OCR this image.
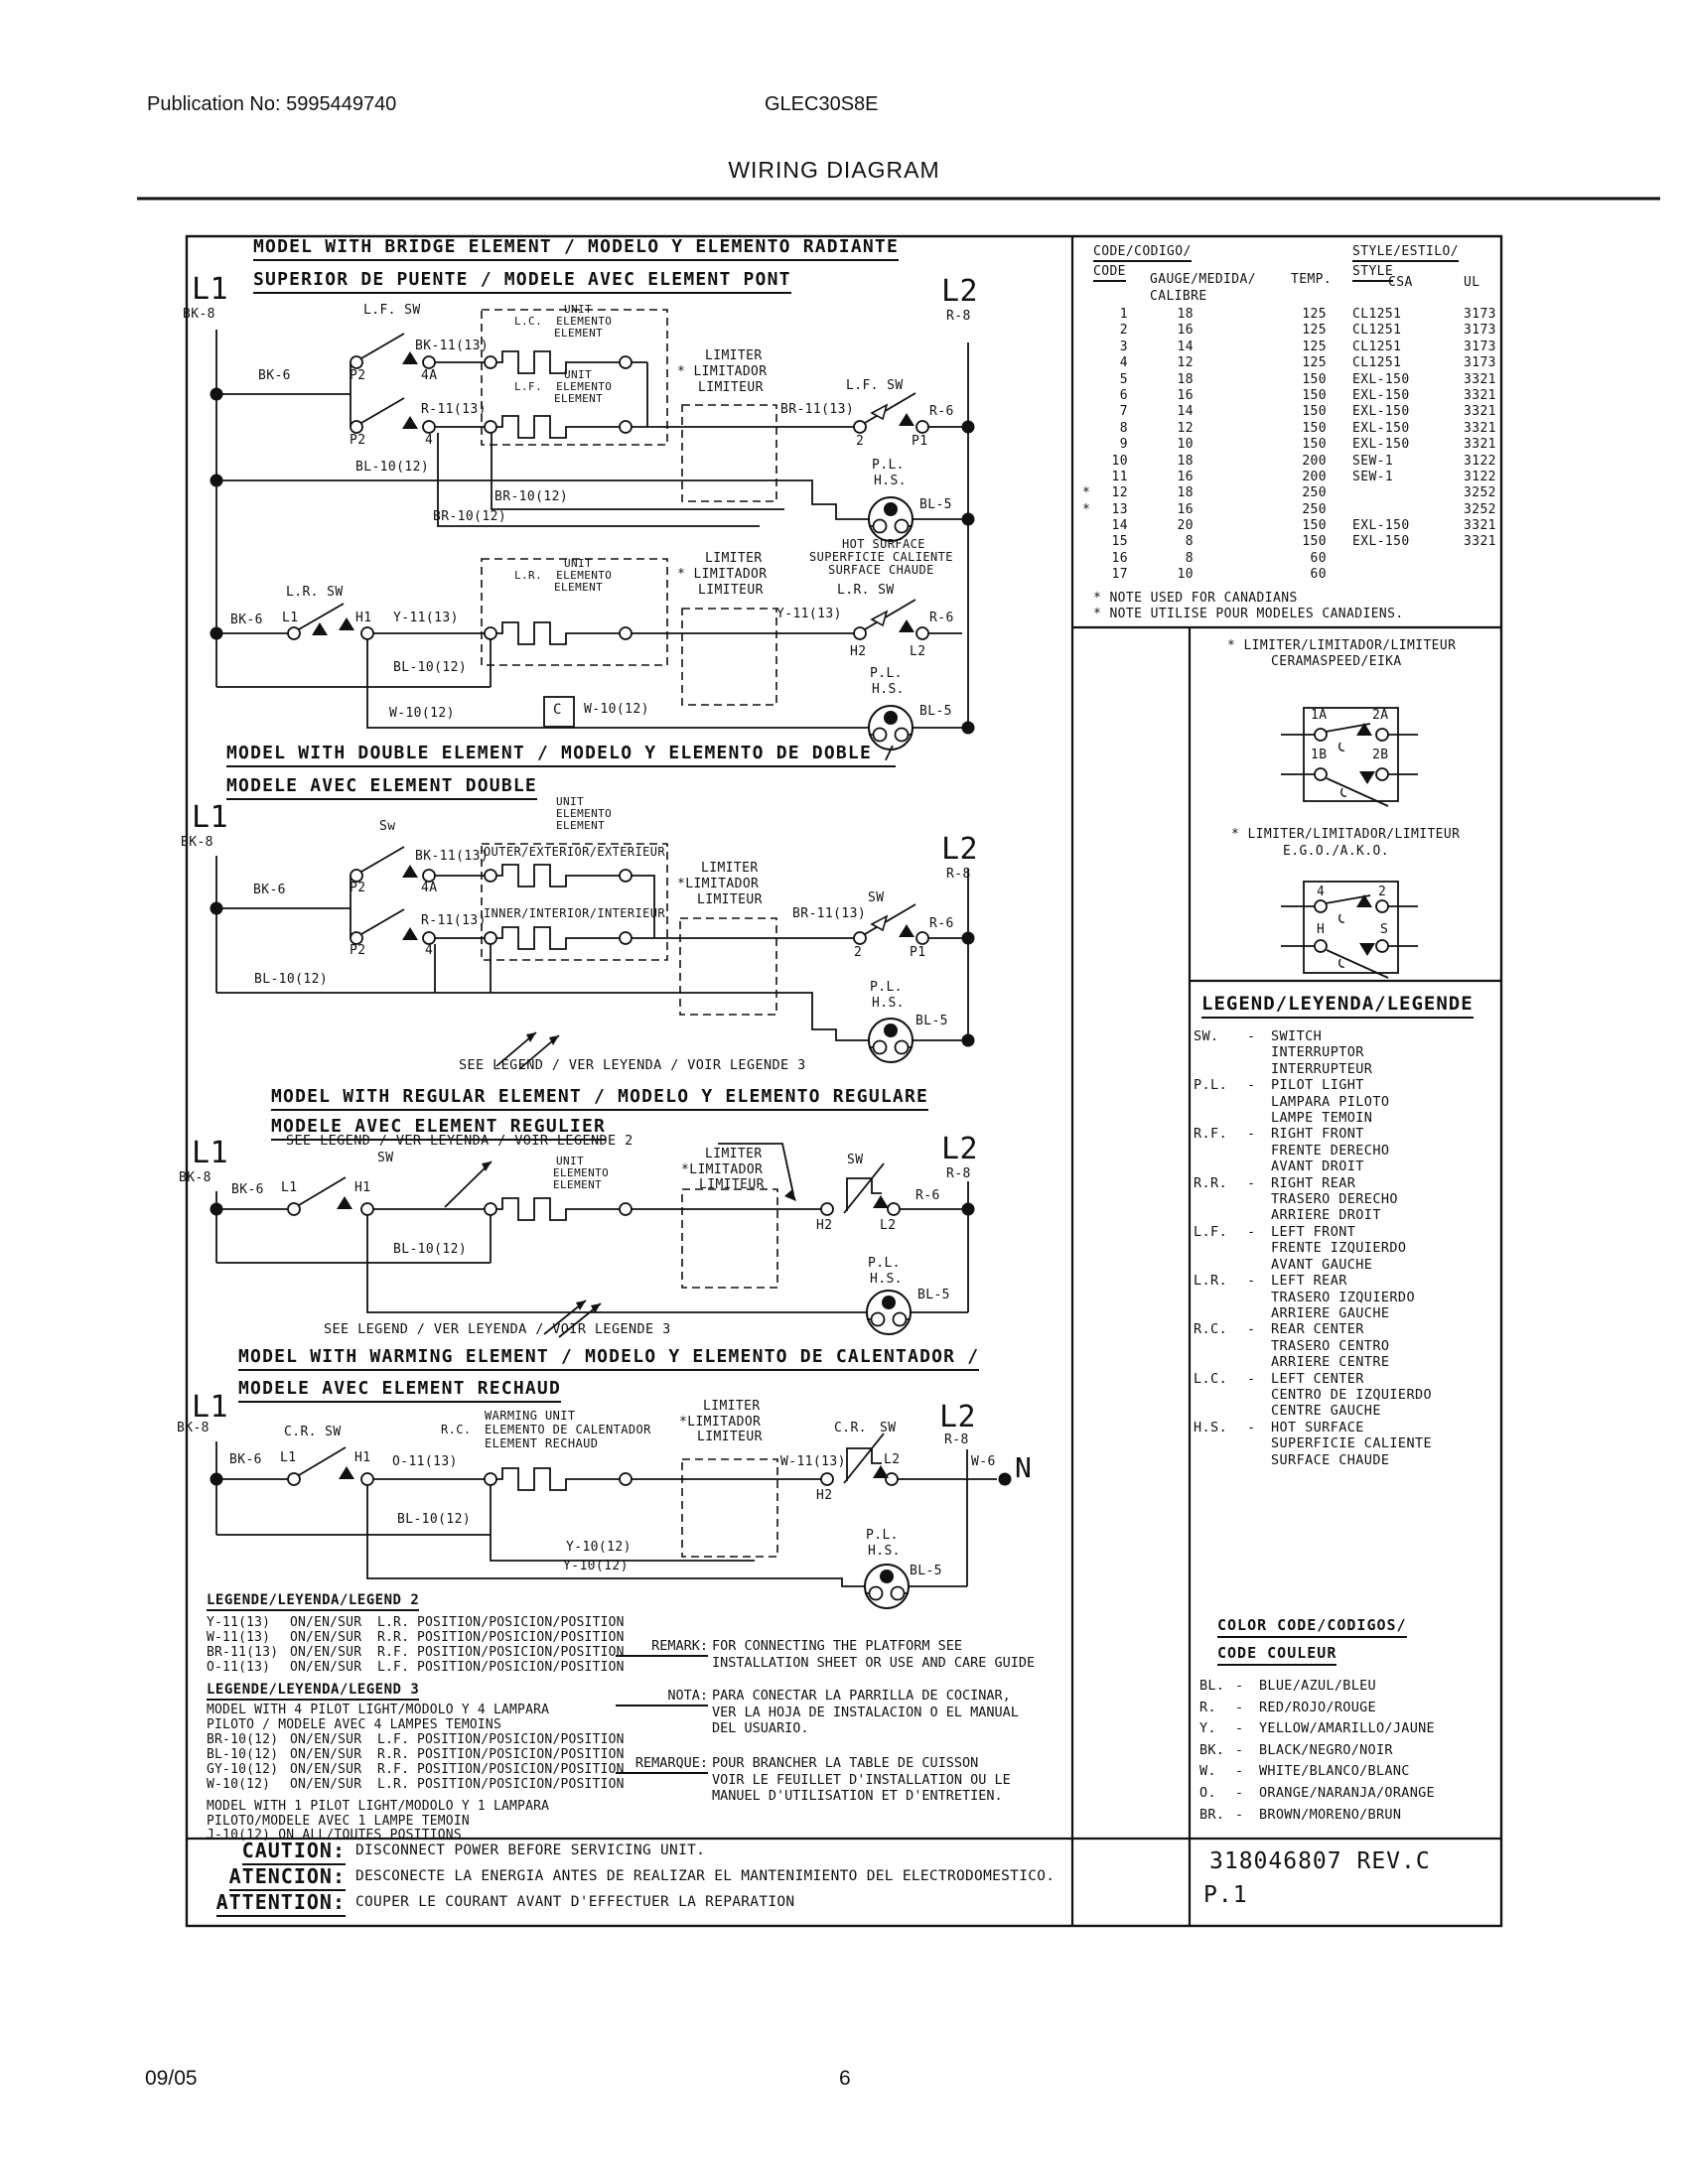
Publication No: 5995449740	GLEC30S8E
WIRING DIAGRAM
MODEL WITH BRIDGE ELEMENT / MODELO Y ELEMENTO RADIANTE
SUPERIOR DE PUENTE / MODELE AVEC ELEMENT PONT
MODEL WITH DOUBLE ELEMENT / MODELO Y ELEMENTO DE DOBLE /
MODELE AVEC ELEMENT DOUBLE
MODEL WITH REGULAR ELEMENT / MODELO Y ELEMENTO REGULARE
MODELE AVEC ELEMENT REGULIER
MODEL WITH WARMING ELEMENT / MODELO Y ELEMENTO DE CALENTADOR /
MODELE AVEC ELEMENT RECHAUD
L1
BK-8
L2
R-8
L.F. SW
BK-11(13)
P2	4A
UNIT
L.C.  ELEMENTO
ELEMENT
BK-6
R-11(13)
P2	4
UNIT
L.F.  ELEMENTO
ELEMENT
LIMITER
* LIMITADOR
LIMITEUR
BR-11(13)
L.F. SW
2	P1
R-6
P.L.
H.S.
BL-5
HOT SURFACE
SUPERFICIE CALIENTE
SURFACE CHAUDE
BL-10(12)
BR-10(12)
BR-10(12)
L.R. SW
BK-6 L1	H1 Y-11(13)
UNIT
L.R.  ELEMENTO
ELEMENT
LIMITER
* LIMITADOR
LIMITEUR
Y-11(13)
L.R. SW
H2	L2
R-6
P.L.
H.S.
BL-5
BL-10(12)
W-10(12)	C W-10(12)
L1
BK-8	L2
R-8
Sw
BK-11(13)
P2	4A
R-11(13)
P2	4
BK-6
UNIT
ELEMENTO
ELEMENT
OUTER/EXTERIOR/EXTERIEUR
INNER/INTERIOR/INTERIEUR
LIMITER
*LIMITADOR
LIMITEUR
BR-11(13)
SW
2	P1
R-6
P.L.
H.S.
BL-5
BL-10(12)
SEE LEGEND / VER LEYENDA / VOIR LEGENDE 3
L1
BK-8
L2
R-8
SEE LEGEND / VER LEYENDA / VOIR LEGENDE 2
SW
BK-6 L1	H1
UNIT
ELEMENTO
ELEMENT
LIMITER
*LIMITADOR
LIMITEUR
SW
H2	L2
R-6
P.L.
H.S.
BL-5
BL-10(12)
SEE LEGEND / VER LEYENDA / VOIR LEGENDE 3
L1
BK-8	L2
R-8
N
C.R. SW
BK-6 L1	H1 O-11(13)
WARMING UNIT
R.C. ELEMENTO DE CALENTADOR
ELEMENT RECHAUD
LIMITER
*LIMITADOR
LIMITEUR
W-11(13)
C.R. SW
H2
L2	W-6
P.L.
H.S.
BL-5
BL-10(12)
Y-10(12)
Y-10(12)
1A	2A
1B	2B
4	2
H	S
CODE/CODIGO/
CODE
STYLE/ESTILO/
STYLE
GAUGE/MEDIDA/
CALIBRE
TEMP.	CSA	UL
1	18	125 CL1251	3173
2	16	125 CL1251	3173
3	14	125 CL1251	3173
4	12	125 CL1251	3173
5	18	150 EXL-150	3321
6	16	150 EXL-150	3321
7	14	150 EXL-150	3321
8	12	150 EXL-150	3321
9	10	150 EXL-150	3321
10	18	200 SEW-1	3122
11	16	200 SEW-1	3122
*	12	18	250	3252
*	13	16	250	3252
14	20	150 EXL-150	3321
15	8	150 EXL-150	3321
16	8	60
17	10	60
* NOTE USED FOR CANADIANS
* NOTE UTILISE POUR MODELES CANADIENS.
* LIMITER/LIMITADOR/LIMITEUR
CERAMASPEED/EIKA
* LIMITER/LIMITADOR/LIMITEUR
E.G.O./A.K.O.
LEGEND/LEYENDA/LEGENDE
SW. - SWITCH
INTERRUPTOR
INTERRUPTEUR
P.L. - PILOT LIGHT
LAMPARA PILOTO
LAMPE TEMOIN
R.F. - RIGHT FRONT
FRENTE DERECHO
AVANT DROIT
R.R. - RIGHT REAR
TRASERO DERECHO
ARRIERE DROIT
L.F. - LEFT FRONT
FRENTE IZQUIERDO
AVANT GAUCHE
L.R. - LEFT REAR
TRASERO IZQUIERDO
ARRIERE GAUCHE
R.C. - REAR CENTER
TRASERO CENTRO
ARRIERE CENTRE
L.C. - LEFT CENTER
CENTRO DE IZQUIERDO
CENTRE GAUCHE
H.S. - HOT SURFACE
SUPERFICIE CALIENTE
SURFACE CHAUDE
COLOR CODE/CODIGOS/
CODE COULEUR
BL. - BLUE/AZUL/BLEU
R. - RED/ROJO/ROUGE
Y. - YELLOW/AMARILLO/JAUNE
BK. - BLACK/NEGRO/NOIR
W. - WHITE/BLANCO/BLANC
O. - ORANGE/NARANJA/ORANGE
BR. - BROWN/MORENO/BRUN
318046807 REV.C
P.1
LEGENDE/LEYENDA/LEGEND 2
Y-11(13) ON/EN/SUR L.R. POSITION/POSICION/POSITION
W-11(13) ON/EN/SUR R.R. POSITION/POSICION/POSITION
BR-11(13) ON/EN/SUR R.F. POSITION/POSICION/POSITION
O-11(13) ON/EN/SUR L.F. POSITION/POSICION/POSITION
LEGENDE/LEYENDA/LEGEND 3
MODEL WITH 4 PILOT LIGHT/MODOLO Y 4 LAMPARA
PILOTO / MODELE AVEC 4 LAMPES TEMOINS
BR-10(12) ON/EN/SUR L.F. POSITION/POSICION/POSITION
BL-10(12) ON/EN/SUR R.R. POSITION/POSICION/POSITION
GY-10(12) ON/EN/SUR R.F. POSITION/POSICION/POSITION
W-10(12) ON/EN/SUR L.R. POSITION/POSICION/POSITION
MODEL WITH 1 PILOT LIGHT/MODOLO Y 1 LAMPARA
PILOTO/MODELE AVEC 1 LAMPE TEMOIN
J-10(12) ON ALL/TOUTES POSITIONS
REMARK: FOR CONNECTING THE PLATFORM SEE
INSTALLATION SHEET OR USE AND CARE GUIDE
NOTA: PARA CONECTAR LA PARRILLA DE COCINAR,
VER LA HOJA DE INSTALACION O EL MANUAL
DEL USUARIO.
REMARQUE: POUR BRANCHER LA TABLE DE CUISSON
VOIR LE FEUILLET D'INSTALLATION OU LE
MANUEL D'UTILISATION ET D'ENTRETIEN.
CAUTION: DISCONNECT POWER BEFORE SERVICING UNIT.
ATENCION: DESCONECTE LA ENERGIA ANTES DE REALIZAR EL MANTENIMIENTO DEL ELECTRODOMESTICO.
ATTENTION: COUPER LE COURANT AVANT D'EFFECTUER LA REPARATION
09/05	6
